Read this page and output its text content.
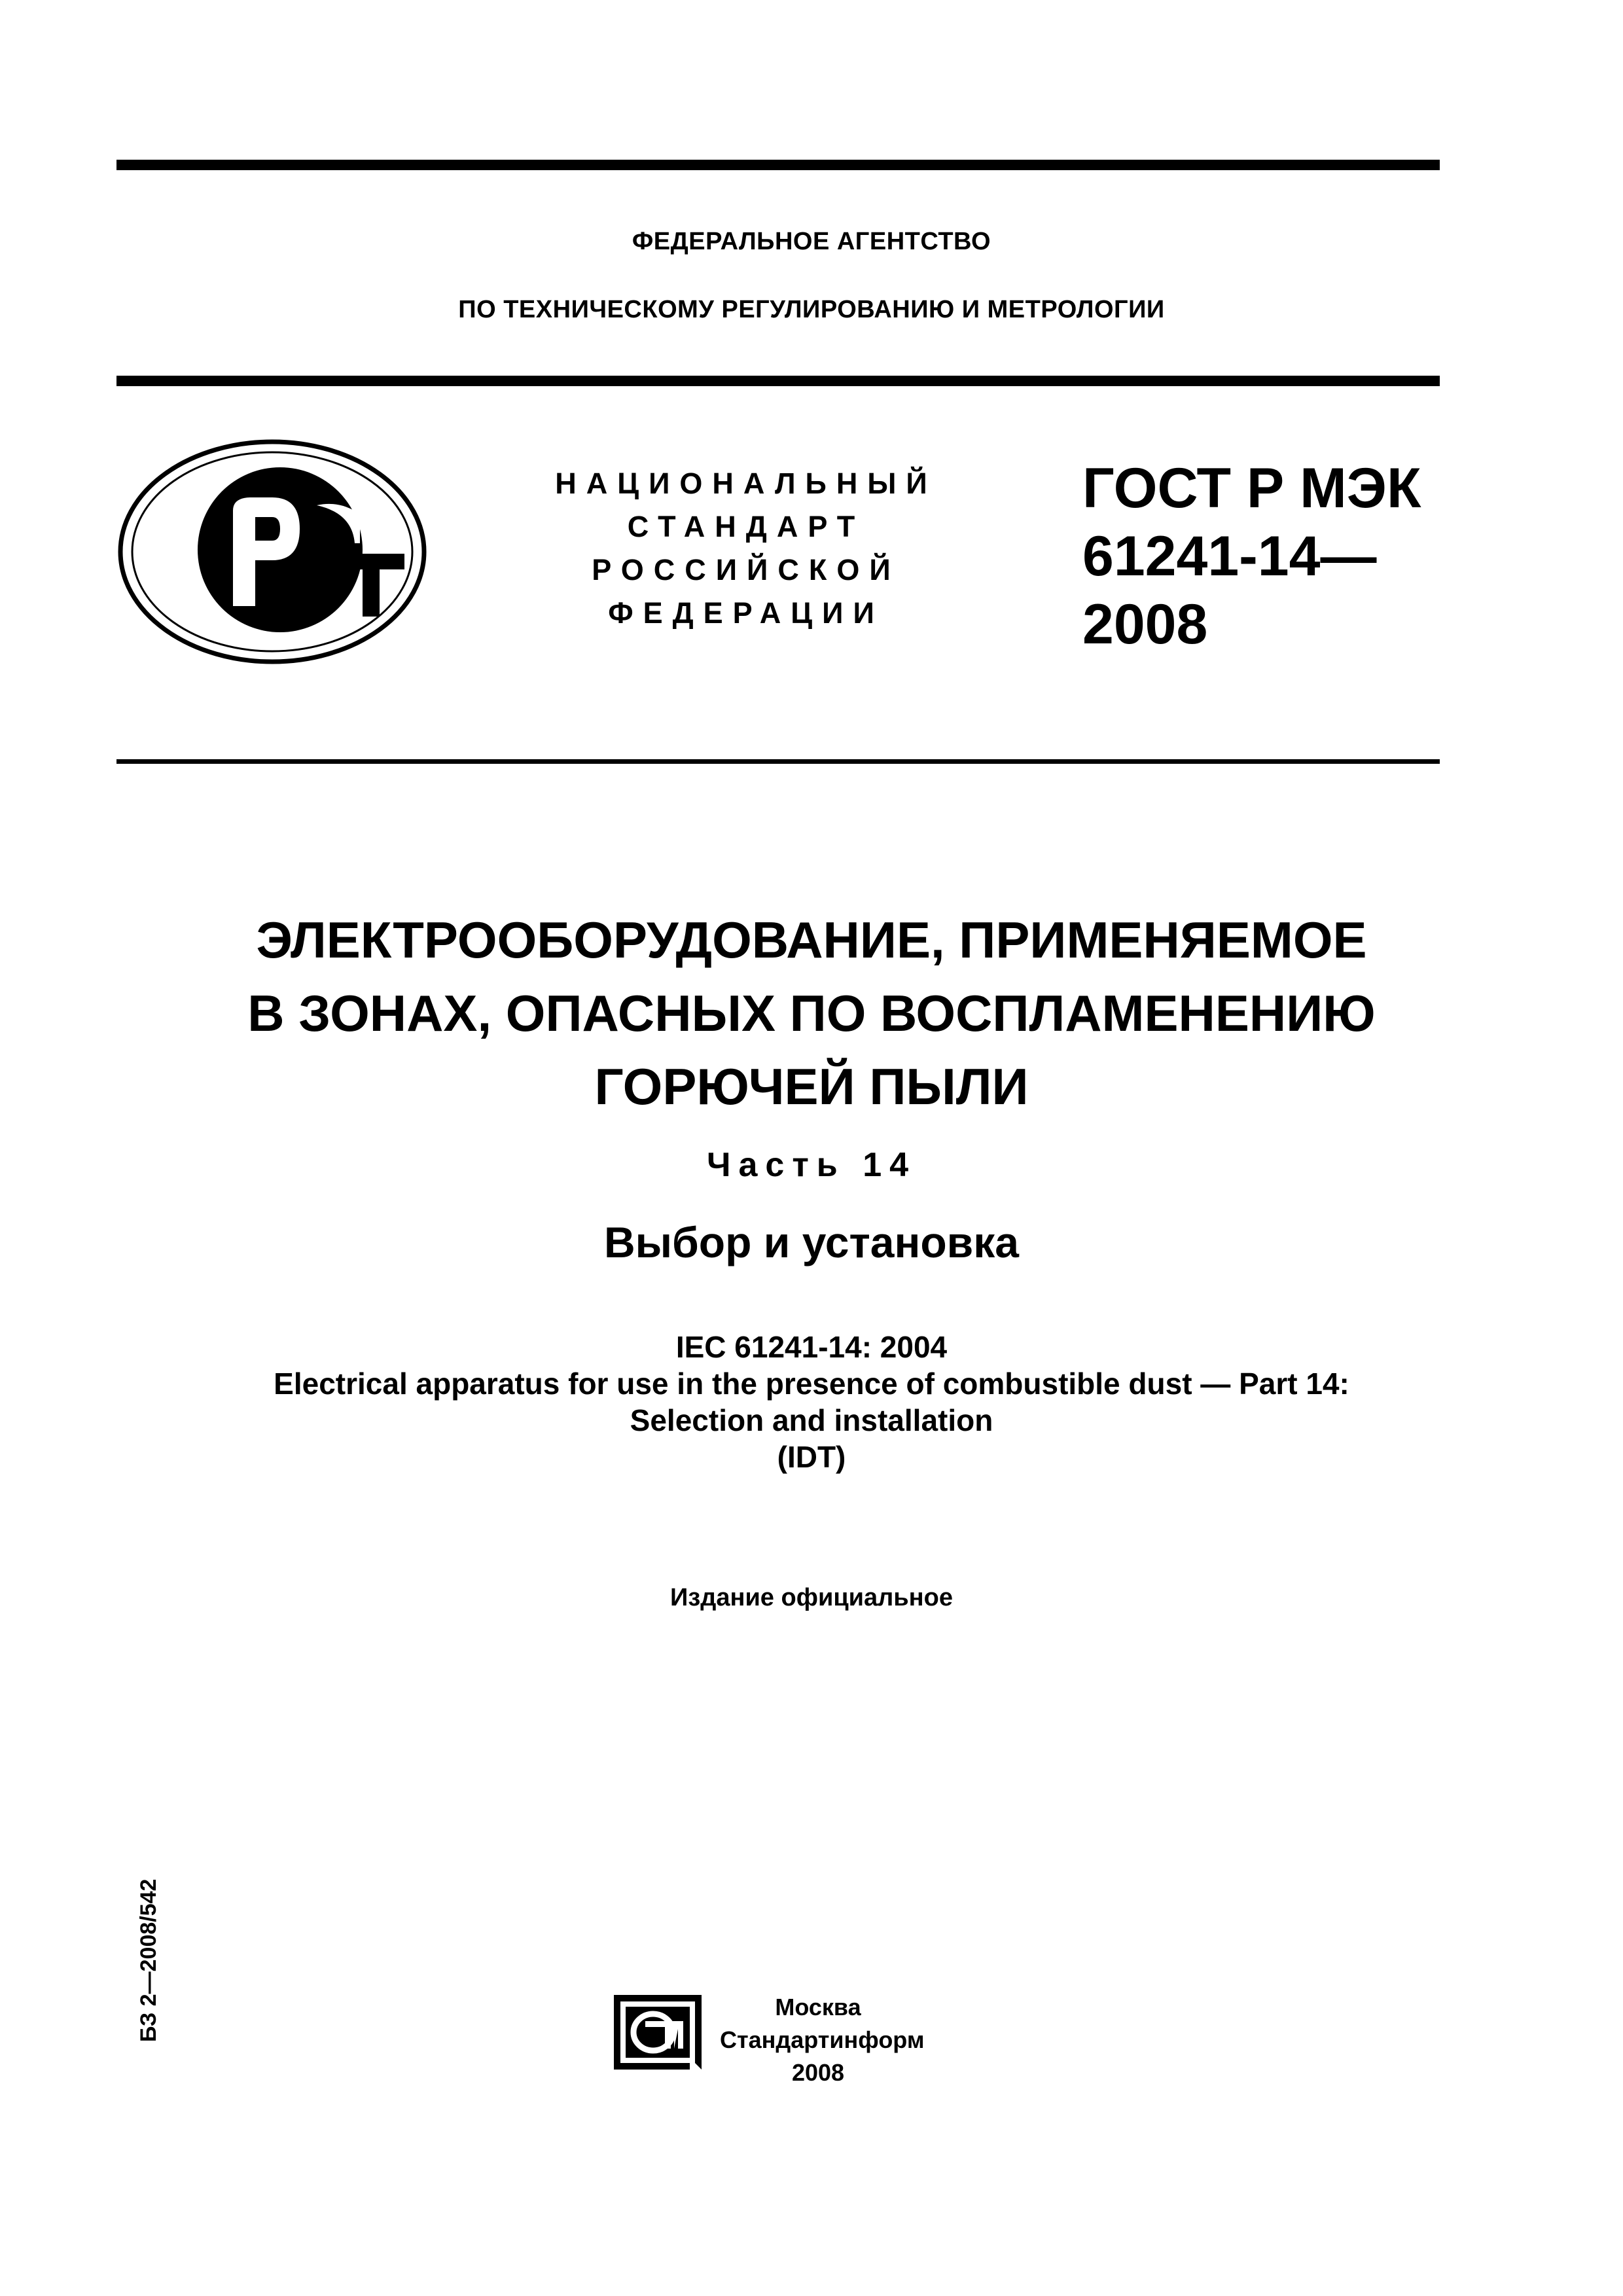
ФЕДЕРАЛЬНОЕ АГЕНТСТВО
ПО ТЕХНИЧЕСКОМУ РЕГУЛИРОВАНИЮ И МЕТРОЛОГИИ
НАЦИОНАЛЬНЫЙ
СТАНДАРТ
РОССИЙСКОЙ
ФЕДЕРАЦИИ
ГОСТ Р МЭК
61241-14—
2008
ЭЛЕКТРООБОРУДОВАНИЕ, ПРИМЕНЯЕМОЕ
В ЗОНАХ, ОПАСНЫХ ПО ВОСПЛАМЕНЕНИЮ
ГОРЮЧЕЙ ПЫЛИ
Часть 14
Выбор и установка
IEC 61241-14: 2004
Electrical apparatus for use in the presence of combustible dust — Part 14:
Selection and installation
(IDT)
Издание официальное
БЗ 2—2008/542	Москва
Стандартинформ
2008
